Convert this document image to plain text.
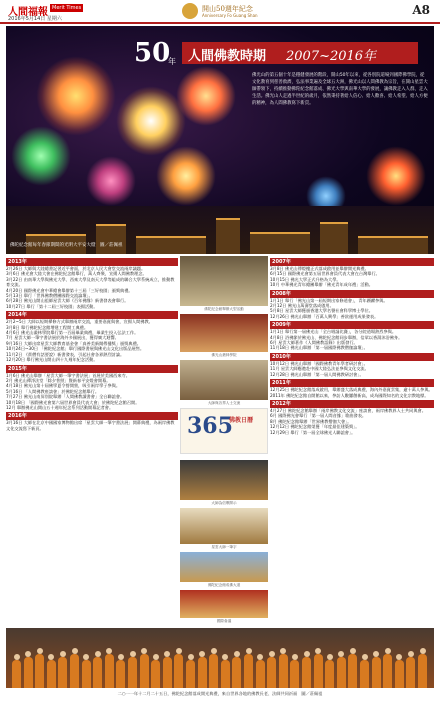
人間福報 Merit Times
2016年5月14日 星期六
開山50週年紀念
Anniversary Fo Guang Shan	A8
50
年 人間佛教時期 2007~2016年
佛光山的第五個十年是穩健發展的階段，開山50年以來，從各別院道場到國際佛學院，從文化教育到慈善救濟，弘法事業遍及全球五大洲，佛光山以人間佛教為宗旨，在開山星雲大師帶領下，持續推動佛陀紀念館落成、佛光大學與南華大學的發展，讓佛教走入人群，走入生活。佛光山人走過半世紀的歲月，依然秉持著給人信心、給人歡喜、給人希望、給人方便的精神，為人間佛教寫下新頁。
佛陀紀念館每年春節期間的光明大平安大燈　圖／莊佩祖
2013年
2月26日 大師與大陸總書記習近平會面，於北京人民大會堂交流兩岸議題。
3月6日 佛光會大陸大會在佛陀紀念館舉行，萬人齊聚，宣揚人間佛教理念。
3月22日 由南華大學與佛光大學、西來大學及南天大學等組成的聯合大學系統成立，推動教育交流。
4月20日 國際佛光會中華總會舉辦第十三屆「三好校園」頒獎典禮。
5月13日 舉行「世界佛教僧團國際交流論壇」。
6月28日 佛光山開山祖師星雲大師《百年佛緣》新書發表會舉行。
10月27日 舉行「第十二屆三好校園」表揚活動。
2014年
2月2~5日 大師以短期禪修方式舉辦兩岸交流，重要嘉賓與會，宣揚人間佛教。
3月8日 舉行佛陀紀念館增建工程開工典禮。
4月6日 佛光山叢林學院舉行第一百屆畢業典禮，畢業生投入弘法工作。
7月 星雲大師一筆字書法展於海外多國展出，獲得廣大迴響。
9月16日 大師出席星雲大師教育基金會「真善美新聞傳播獎」頒獎典禮。
10月24日~30日 「佛陀紀念館」舉行國際書展與佛光山文化出版品展售。
11月2日 《貧僧有話要說》新書發表，引起社會各界熱烈討論。
12月20日 舉行佛光山開山四十九週年紀念活動。
2015年
1月6日 佛光山舉辦「星雲大師一筆字書法展」首展於美國西來寺。
2月 佛光山禪淨法堂「除夕普照」暨新春平安燈會開幕。
4月18日 佛光山第十屆佛學夏令營開營，吸引兩岸學子參與。
5月16日 「人間佛教座談會」於佛陀紀念館舉行。
7月27日 佛光山南屏別院舉辦「人間佛教讀書會」全台聯誼會。
10月18日 「國際佛光會第六屆世界會員代表大會」於佛陀紀念館召開。
12月 舉辦佛光山開山五十週年紀念系列活動開幕記者會。
2016年
3月16日 大師在北京中國國家博物館出席「星雲大師一筆字書法展」開幕典禮，為兩岸佛教文化交流寫下新頁。
佛陀紀念館舉辦大型活動
佛光山叢林學院
大師與各界人士交流
365
佛教日曆
大師為信眾開示
星雲大師一筆字
佛陀紀念館成佛大道
國際會議
2007年
3月8日 佛光山傳燈樓正式落成啟用並舉辦開光典禮。
6月15日 國際佛光會第五屆世界會員代表大會在台灣舉行。
10月15日 佛光大學正式升格為大學。
10月 中華佛光青年總團舉辦「佛光青年成年禮」活動。
2008年
1月1日 舉行「佛光山第一屆短期出家修道會」，青年踴躍參與。
2月12日 佛光山萬壽堂落成啟用。
5月8日 星雲大師獲頒香港大學名譽社會科學博士學位。
12月26日 佛光山舉辦「百萬人興學」善款運用成果發表。
2009年
1月1日 舉行第一屆佛光山「全台唱誦比賽」，各分院道場熱烈參與。
4月8日 浴佛節於佛光山、佛陀紀念館同步舉辦，信眾以香湯沐浴佛身。
6月 星雲大師著作《人間佛教語錄》出版發行。
11月18日 佛光山舉辦「第一屆國際佛教僧伽論壇」。
2010年
10月12日 佛光山舉辦「國際佛教青年學者研討會」。
11月 星雲大師應邀赴中國大陸弘法並參與文化交流。
12月28日 佛光山舉辦「第一屆人間佛教研討會」。
2011年
12月25日 佛陀紀念館落成啟用，舉辦盛大落成典禮，海內外嘉賓雲集，逾十萬人參與。
2011年 佛陀紀念館自開館以來，參訪人數屢創新高，成為國際知名的文化宗教地標。
2012年
4月27日 佛陀紀念館舉辦「兩岸佛教文化交流」座談會，兩岸佛教界人士共同與會。
6月 國際佛光會舉行「第一屆人間音緣」歌曲發表。
8月 佛陀紀念館舉辦「世界佛教僧伽大會」。
12月12日 佛陀紀念館榮獲「年度最佳建築獎」。
12月29日 舉行「第一屆全球佛光人聯誼會」。
二○一一年十二月二十五日，佛陀紀念館落成開光典禮，來自世界各地的佛教長老、法師共同祈福　圖／莊佩祖
